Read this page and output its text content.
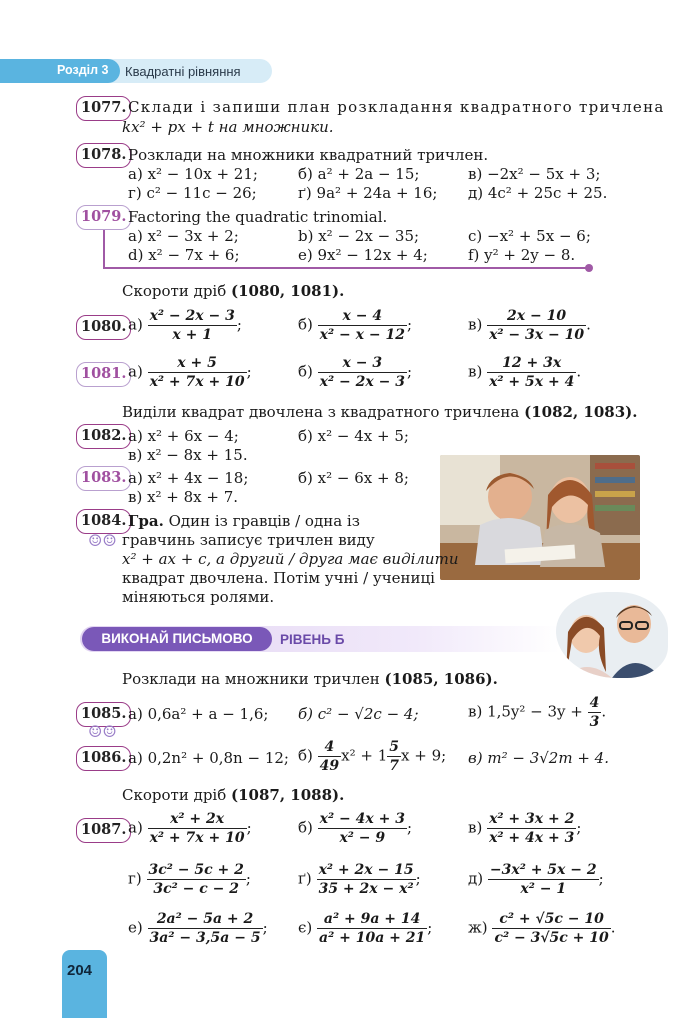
Розділ 3 Квадратні рівняння
1077. Склади і запиши план розкладання квадратного тричлена
kx² + px + t на множники.
1078. Розклади на множники квадратний тричлен.
а) x² − 10x + 21;	б) a² + 2a − 15;	в) −2x² − 5x + 3;
г) c² − 11c − 26;	ґ) 9a² + 24a + 16; д) 4c² + 25c + 25.
1079. Factoring the quadratic trinomial.
a) x² − 3x + 2;	b) x² − 2x − 35;	c) −x² + 5x − 6;
d) x² − 7x + 6;	e) 9x² − 12x + 4;	f) y² + 2y − 8.
Скороти дріб (1080, 1081).
1080. $а) \frac{\text{x² − 2x − 3}}{x + 1}$ ;	$б) \frac{x - 4}{\text{x² − x − 12}}$ ;	$в) \frac{2x - 10}{\text{x² − 3x − 10}}$ .
1081. $а) \frac{x + 5}{\text{x² + 7x + 10}}$ ;	$б) \frac{x - 3}{\text{x² − 2x − 3}}$ ;	$в) \frac{12 + 3x}{\text{x² + 5x + 4}}$ .
Виділи квадрат двочлена з квадратного тричлена (1082, 1083).
1082. а) x² + 6x − 4;	б) x² − 4x + 5;
в) x² − 8x + 15.
1083. а) x² + 4x − 18;	б) x² − 6x + 8;
в) x² + 8x + 7.
1084. Гра. Один із гравців / одна із
☺☺ гравчинь записує тричлен виду
x² + ax + c, а другий / друга має виділити
квадрат двочлена. Потім учні / учениці
міняються ролями.
ВИКОНАЙ ПИСЬМОВО	РІВЕНЬ Б
Розклади на множники тричлен (1085, 1086).
1085.
☺☺
а) 0,6a² + a − 1,6; б) c² − √2c − 4;	в) $1,5y^2 - 3y + \frac{4}{3}$ .
1086. а) 0,2n² + 0,8n − 12; $б) \frac{4}{49} x^2 + 1 \frac{5}{7}$ x + 9; в) m² − 3√2m + 4.
Скороти дріб (1087, 1088).
1087. $а) \frac{\text{x² + 2x}}{\text{x² + 7x + 10}}$ ;	$б) \frac{\text{x² − 4x + 3}}{\text{x² − 9}}$ ;	$в) \frac{\text{x² + 3x + 2}}{\text{x² + 4x + 3}}$ ;
$г) \frac{\text{3c² − 5c + 2}}{\text{3c² − c − 2}}$ ;	$ґ) \frac{\text{x² + 2x − 15}}{\text{35 + 2x − x²}}$ ;	$д) \frac{\text{−3x² + 5x − 2}}{\text{x² − 1}}$ ;
$е) \frac{\text{2a² − 5a + 2}}{\text{3a² − 3,5a − 5}}$ ; $є) \frac{\text{a² + 9a + 14}}{\text{a² + 10a + 21}}$ ; $ж) \frac{\text{c² + √5c − 10}}{\text{c² − 3√5c + 10}}$ .
204
